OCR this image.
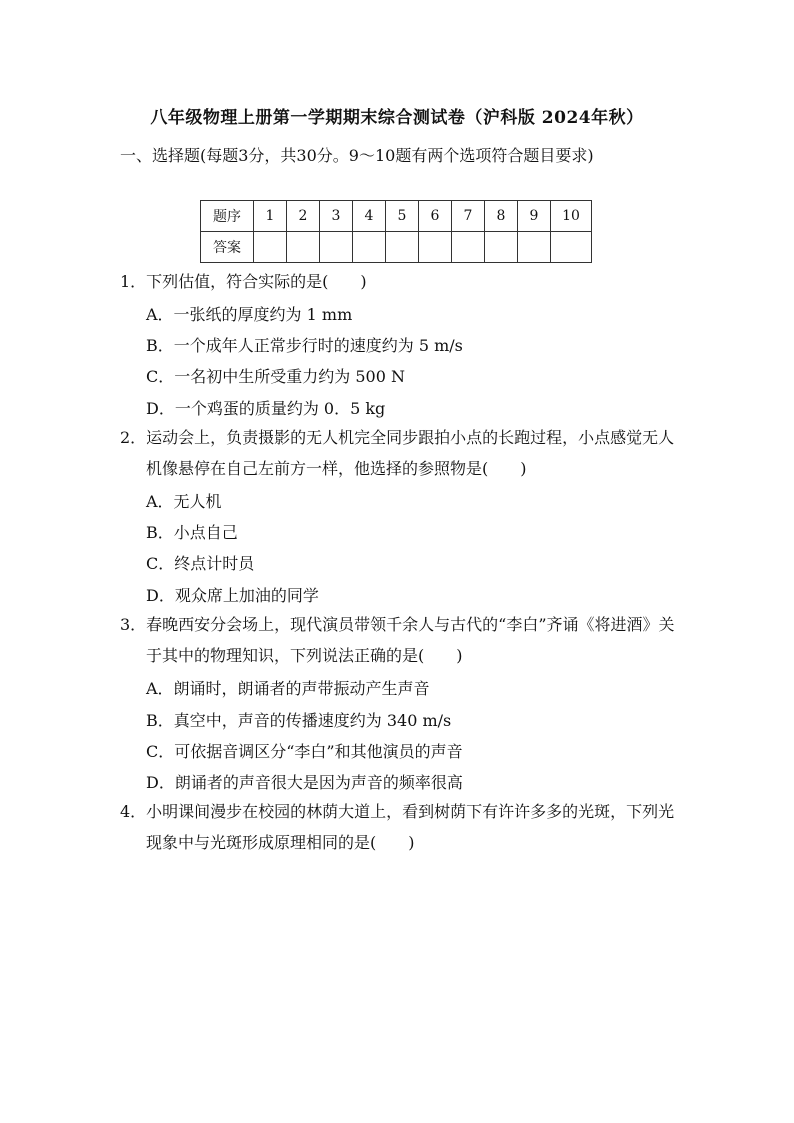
八年级物理上册第一学期期末综合测试卷（沪科版 2024年秋）
一、选择题(每题3分，共30分。9～10题有两个选项符合题目要求)
题序	1	2	3	4	5	6	7	8	9	10
答案										
1．下列估值，符合实际的是(　　)
A．一张纸的厚度约为 1 mm
B．一个成年人正常步行时的速度约为 5 m/s
C．一名初中生所受重力约为 500 N
D．一个鸡蛋的质量约为 0．5 kg
2．运动会上，负责摄影的无人机完全同步跟拍小点的长跑过程，小点感觉无人
机像悬停在自己左前方一样，他选择的参照物是(　　)
A．无人机
B．小点自己
C．终点计时员
D．观众席上加油的同学
3．春晚西安分会场上，现代演员带领千余人与古代的“李白”齐诵《将进酒》关
于其中的物理知识，下列说法正确的是(　　)
A．朗诵时，朗诵者的声带振动产生声音
B．真空中，声音的传播速度约为 340 m/s
C．可依据音调区分“李白”和其他演员的声音
D．朗诵者的声音很大是因为声音的频率很高
4．小明课间漫步在校园的林荫大道上，看到树荫下有许许多多的光斑，下列光
现象中与光斑形成原理相同的是(　　)
